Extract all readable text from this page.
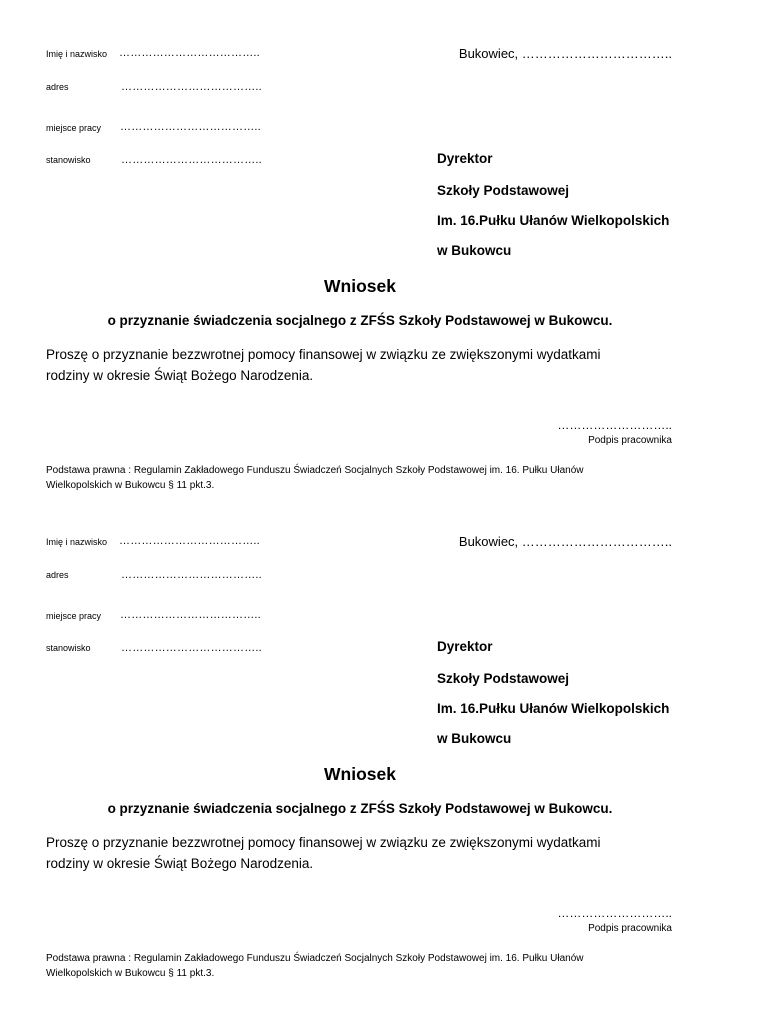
Imię i nazwisko ………………………………..
adres	………………………………..
miejsce pracy ………………………………..
stanowisko	………………………………..
Bukowiec, ……………………………..
Dyrektor
Szkoły Podstawowej
Im. 16.Pułku Ułanów Wielkopolskich
w Bukowcu
Wniosek
o przyznanie świadczenia socjalnego z ZFŚS Szkoły Podstawowej w Bukowcu.
Proszę o przyznanie bezzwrotnej pomocy finansowej w związku ze zwiększonymi wydatkami
rodziny w okresie Świąt Bożego Narodzenia.
………………………..
Podpis pracownika
Podstawa prawna : Regulamin Zakładowego Funduszu Świadczeń Socjalnych Szkoły Podstawowej im. 16. Pułku Ułanów
Wielkopolskich w Bukowcu § 11 pkt.3.
Imię i nazwisko ………………………………..
adres	………………………………..
miejsce pracy ………………………………..
stanowisko	………………………………..
Bukowiec, ……………………………..
Dyrektor
Szkoły Podstawowej
Im. 16.Pułku Ułanów Wielkopolskich
w Bukowcu
Wniosek
o przyznanie świadczenia socjalnego z ZFŚS Szkoły Podstawowej w Bukowcu.
Proszę o przyznanie bezzwrotnej pomocy finansowej w związku ze zwiększonymi wydatkami
rodziny w okresie Świąt Bożego Narodzenia.
………………………..
Podpis pracownika
Podstawa prawna : Regulamin Zakładowego Funduszu Świadczeń Socjalnych Szkoły Podstawowej im. 16. Pułku Ułanów
Wielkopolskich w Bukowcu § 11 pkt.3.
